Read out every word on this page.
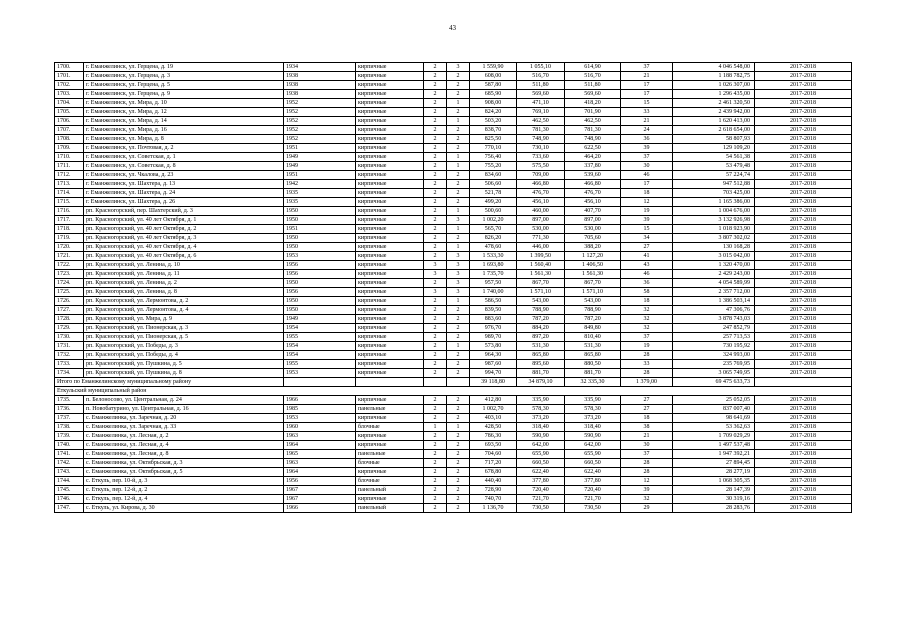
43
1700.	г. Еманжелинск, ул. Герцена, д. 19	1934	кирпичные	2	3	1 559,90	1 055,10	614,90	37	4 046 548,00	2017-2018
1701.	г. Еманжелинск, ул. Герцена, д. 3	1938	кирпичные	2	2	608,00	516,70	516,70	21	1 188 782,75	2017-2018
1702.	г. Еманжелинск, ул. Герцена, д. 5	1938	кирпичные	2	2	587,80	511,80	511,80	17	1 026 307,00	2017-2018
1703.	г. Еманжелинск, ул. Герцена, д. 9	1938	кирпичные	2	2	685,90	569,60	569,60	17	1 296 435,00	2017-2018
1704.	г. Еманжелинск, ул. Мира, д. 10	1952	кирпичные	2	1	908,00	471,10	418,20	15	2 461 320,50	2017-2018
1705.	г. Еманжелинск, ул. Мира, д. 12	1952	кирпичные	2	2	824,20	769,10	701,90	33	2 439 942,00	2017-2018
1706.	г. Еманжелинск, ул. Мира, д. 14	1952	кирпичные	2	1	503,20	462,50	462,50	21	1 620 413,00	2017-2018
1707.	г. Еманжелинск, ул. Мира, д. 16	1952	кирпичные	2	2	838,70	781,30	781,30	24	2 618 654,00	2017-2018
1708.	г. Еманжелинск, ул. Мира, д. 8	1952	кирпичные	2	2	825,50	748,90	748,90	36	58 807,93	2017-2018
1709.	г. Еманжелинск, ул. Почтовая, д. 2	1951	кирпичные	2	2	770,10	730,10	622,50	39	129 109,20	2017-2018
1710.	г. Еманжелинск, ул. Советская, д. 1	1949	кирпичные	2	1	756,40	733,60	464,20	37	54 561,38	2017-2018
1711.	г. Еманжелинск, ул. Советская, д. 8	1949	кирпичные	2	1	755,20	575,50	337,80	30	53 479,48	2017-2018
1712.	г. Еманжелинск, ул. Чкалова, д. 23	1951	кирпичные	2	2	834,60	709,00	539,60	46	57 224,74	2017-2018
1713.	г. Еманжелинск, ул. Шахтера, д. 13	1942	кирпичные	2	2	506,60	466,80	466,80	17	947 512,88	2017-2018
1714.	г. Еманжелинск, ул. Шахтера, д. 24	1935	кирпичные	2	2	521,78	476,70	476,70	18	703 425,00	2017-2018
1715.	г. Еманжелинск, ул. Шахтера, д. 26	1935	кирпичные	2	2	499,20	456,10	456,10	12	1 165 386,00	2017-2018
1716.	рп. Красногорский, пер. Шахтерский, д. 3	1950	кирпичные	2	1	500,60	460,00	407,70	19	1 004 676,00	2017-2018
1717.	рп. Красногорский, ул. 40 лет Октября, д. 1	1950	кирпичные	2	3	1 002,20	897,00	897,00	39	3 132 926,98	2017-2018
1718.	рп. Красногорский, ул. 40 лет Октября, д. 2	1951	кирпичные	2	1	565,70	530,00	530,00	15	1 018 923,90	2017-2018
1719.	рп. Красногорский, ул. 40 лет Октября, д. 3	1950	кирпичные	2	2	826,20	771,30	705,60	34	3 807 302,02	2017-2018
1720.	рп. Красногорский, ул. 40 лет Октября, д. 4	1950	кирпичные	2	1	478,60	446,00	388,20	27	130 168,28	2017-2018
1721.	рп. Красногорский, ул. 40 лет Октября, д. 6	1953	кирпичные	2	3	1 533,30	1 399,50	1 127,20	41	3 015 042,00	2017-2018
1722.	рп. Красногорский, ул. Ленина, д. 10	1956	кирпичные	3	3	1 693,80	1 560,40	1 406,50	43	1 320 470,00	2017-2018
1723.	рп. Красногорский, ул. Ленина, д. 11	1956	кирпичные	3	3	1 735,70	1 561,30	1 561,30	46	2 429 243,00	2017-2018
1724.	рп. Красногорский, ул. Ленина, д. 2	1950	кирпичные	2	3	957,50	867,70	867,70	36	4 054 589,99	2017-2018
1725.	рп. Красногорский, ул. Ленина, д. 8	1956	кирпичные	3	3	1 740,00	1 571,10	1 571,10	58	2 357 712,00	2017-2018
1726.	рп. Красногорский, ул. Лермонтова, д. 2	1950	кирпичные	2	1	586,50	543,00	543,00	18	1 386 503,14	2017-2018
1727.	рп. Красногорский, ул. Лермонтова, д. 4	1950	кирпичные	2	2	839,50	788,90	788,90	32	47 306,76	2017-2018
1728.	рп. Красногорский, ул. Мира, д. 9	1949	кирпичные	2	2	883,60	787,20	787,20	32	3 878 743,03	2017-2018
1729.	рп. Красногорский, ул. Пионерская, д. 3	1954	кирпичные	2	2	976,70	884,20	849,80	32	247 852,79	2017-2018
1730.	рп. Красногорский, ул. Пионерская, д. 5	1955	кирпичные	2	2	989,70	897,20	810,40	37	257 713,53	2017-2018
1731.	рп. Красногорский, ул. Победы, д. 3	1954	кирпичные	2	1	573,80	531,30	531,30	19	730 195,92	2017-2018
1732.	рп. Красногорский, ул. Победы, д. 4	1954	кирпичные	2	2	964,30	865,80	865,80	28	324 993,00	2017-2018
1733.	рп. Красногорский, ул. Пушкина, д. 5	1955	кирпичные	2	2	987,60	895,60	880,50	33	235 769,95	2017-2018
1734.	рп. Красногорский, ул. Пушкина, д. 8	1953	кирпичные	2	2	994,70	881,70	881,70	28	3 065 749,95	2017-2018
Итого по Еманжелинскому муниципальному району						39 118,80	34 879,10	32 335,30	1 379,00	69 475 633,73	
Еткульский муниципальный район											
1735.	п. Белоносово, ул. Центральная, д. 24	1966	кирпичные	2	2	412,80	335,90	335,90	27	25 052,05	2017-2018
1736.	п. Новобатурино, ул. Центральная, д. 16	1985	панельные	2	2	1 002,70	578,30	578,30	27	837 007,40	2017-2018
1737.	с. Еманжелинка, ул. Заречная, д. 20	1953	кирпичные	2	2	403,10	373,20	373,20	18	98 641,69	2017-2018
1738.	с. Еманжелинка, ул. Заречная, д. 33	1960	блочные	1	1	428,50	318,40	318,40	38	53 362,63	2017-2018
1739.	с. Еманжелинка, ул. Лесная, д. 2	1963	кирпичные	2	2	786,30	590,90	590,90	21	1 709 029,29	2017-2018
1740.	с. Еманжелинка, ул. Лесная, д. 4	1964	кирпичные	2	2	693,50	642,00	642,00	30	1 497 537,48	2017-2018
1741.	с. Еманжелинка, ул. Лесная, д. 8	1965	панельные	2	2	704,60	655,90	655,90	37	1 947 392,21	2017-2018
1742.	с. Еманжелинка, ул. Октябрьская, д. 3	1963	блочные	2	2	717,20	660,50	660,50	28	27 894,45	2017-2018
1743.	с. Еманжелинка, ул. Октябрьская, д. 5	1964	кирпичные	2	2	678,80	622,40	622,40	28	28 277,19	2017-2018
1744.	с. Еткуль, пер. 10-й, д. 3	1956	блочные	2	2	440,40	377,80	377,80	12	1 068 305,35	2017-2018
1745.	с. Еткуль, пер. 12-й, д. 2	1967	панельный	2	2	728,90	720,40	720,40	39	28 147,39	2017-2018
1746.	с. Еткуль, пер. 12-й, д. 4	1967	кирпичные	2	2	740,70	721,70	721,70	32	30 319,16	2017-2018
1747.	с. Еткуль, ул. Кирова, д. 30	1966	панельный	2	2	1 136,70	730,50	730,50	29	28 283,76	2017-2018
